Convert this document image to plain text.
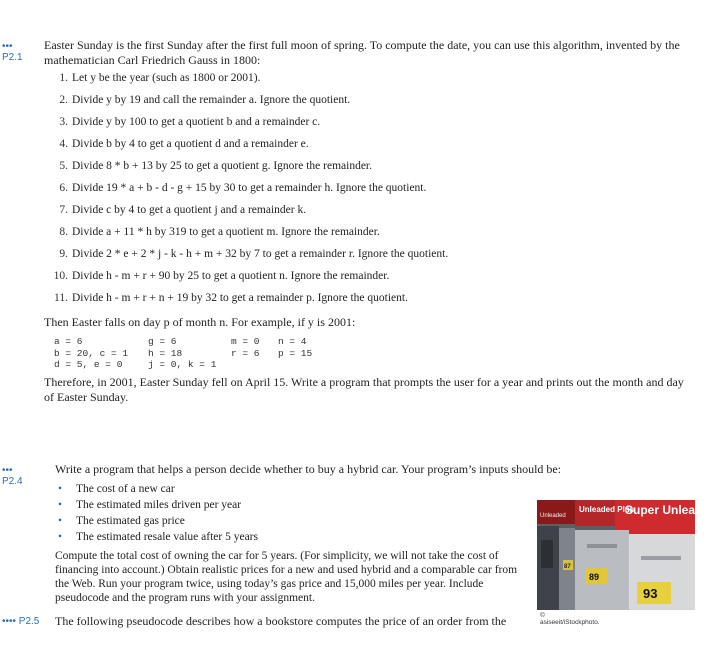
••• P2.1
Easter Sunday is the first Sunday after the first full moon of spring. To compute the date, you can use this algorithm, invented by the mathematician Carl Friedrich Gauss in 1800:
1. Let y be the year (such as 1800 or 2001).
2. Divide y by 19 and call the remainder a. Ignore the quotient.
3. Divide y by 100 to get a quotient b and a remainder c.
4. Divide b by 4 to get a quotient d and a remainder e.
5. Divide 8 * b + 13 by 25 to get a quotient g. Ignore the remainder.
6. Divide 19 * a + b - d - g + 15 by 30 to get a remainder h. Ignore the quotient.
7. Divide c by 4 to get a quotient j and a remainder k.
8. Divide a + 11 * h by 319 to get a quotient m. Ignore the remainder.
9. Divide 2 * e + 2 * j - k - h + m + 32 by 7 to get a remainder r. Ignore the quotient.
10. Divide h - m + r + 90 by 25 to get a quotient n. Ignore the remainder.
11. Divide h - m + r + n + 19 by 32 to get a remainder p. Ignore the quotient.
Then Easter falls on day p of month n. For example, if y is 2001:
a = 6
b = 20, c = 1
d = 5, e = 0
g = 6
h = 18
j = 0, k = 1
m = 0
r = 6
n = 4
p = 15
Therefore, in 2001, Easter Sunday fell on April 15. Write a program that prompts the user for a year and prints out the month and day of Easter Sunday.
••• P2.4
Write a program that helps a person decide whether to buy a hybrid car. Your program’s inputs should be:
• The cost of a new car
• The estimated miles driven per year
• The estimated gas price
• The estimated resale value after 5 years
Compute the total cost of owning the car for 5 years. (For simplicity, we will not take the cost of financing into account.) Obtain realistic prices for a new and used hybrid and a comparable car from the Web. Run your program twice, using today’s gas price and 15,000 miles per year. Include pseudocode and the program runs with your assignment.
Unleaded
Unleaded Plus
Super Unleaded
87
89
93
© asiseeit/iStockphoto.
•••• P2.5 The following pseudocode describes how a bookstore computes the price of an order from the
